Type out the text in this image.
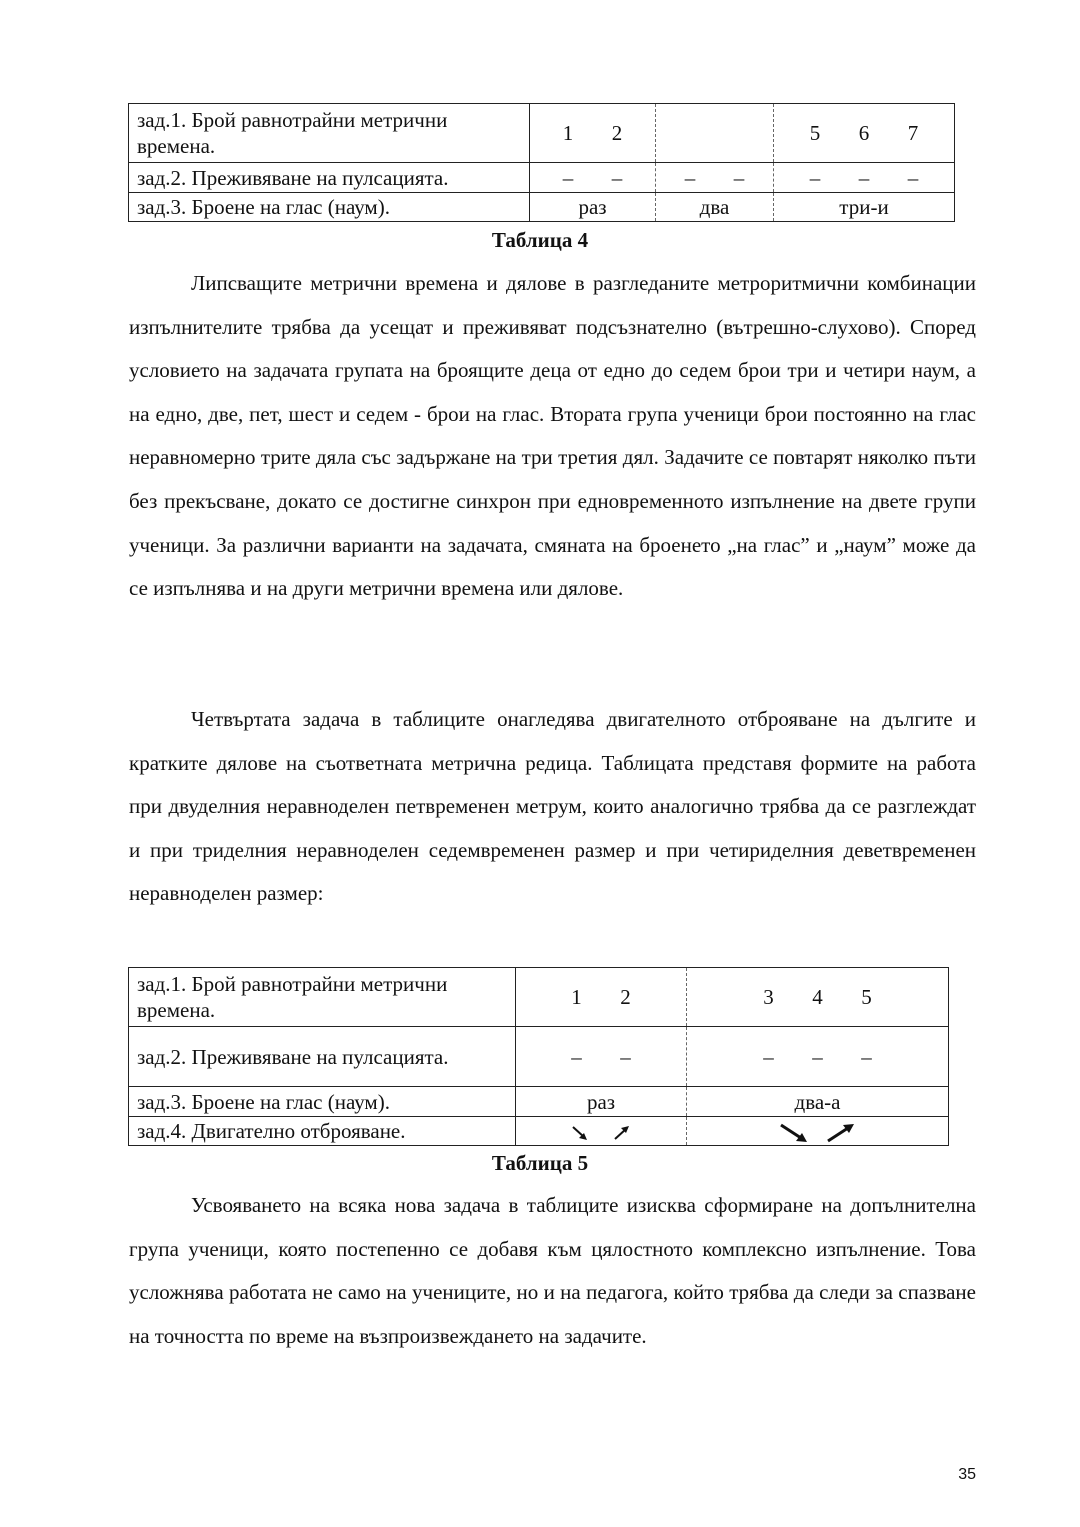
зад.1. Брой равнотрайни метрични времена.	1  2		5  6  7
зад.2. Преживяване на пулсацията.	–  –	–  –	–  –  –
зад.3. Броене на глас (наум).	раз	два	три-и
Таблица 4

Липсващите метрични времена и дялове в разгледаните метроритмични комбинации изпълнителите трябва да усещат и преживяват подсъзнателно (вътрешно-слухово). Според условието на задачата групата на броящите деца от едно до седем брои три и четири наум, а на едно, две, пет, шест и седем - брои на глас. Втората група ученици брои постоянно на глас неравномерно трите дяла със задържане на три третия дял. Задачите се повтарят няколко пъти без прекъсване, докато се достигне синхрон при едновременното изпълнение на двете групи ученици. За различни варианти на задачата, смяната на броенето „на глас” и „наум” може да се изпълнява и на други метрични времена или дялове.

Четвъртата задача в таблиците онагледява двигателното отброяване на дългите и кратките дялове на съответната метрична редица. Таблицата представя формите на работа при двуделния неравноделен петвременен метрум, които аналогично трябва да се разглеждат и при триделния неравноделен седемвременен размер и при четириделния деветвременен неравноделен размер:

зад.1. Брой равнотрайни метрични времена.	1  2	3  4  5
зад.2. Преживяване на пулсацията.	–  –	–  –  –
зад.3. Броене на глас (наум).	раз	два-а
зад.4. Двигателно отброяване.		
Таблица 5

Усвояването на всяка нова задача в таблиците изисква сформиране на допълнителна група ученици, която постепенно се добавя към цялостното комплексно изпълнение. Това усложнява работата не само на учениците, но и на педагога, който трябва да следи за спазване на точността по време на възпроизвеждането на задачите.

35
